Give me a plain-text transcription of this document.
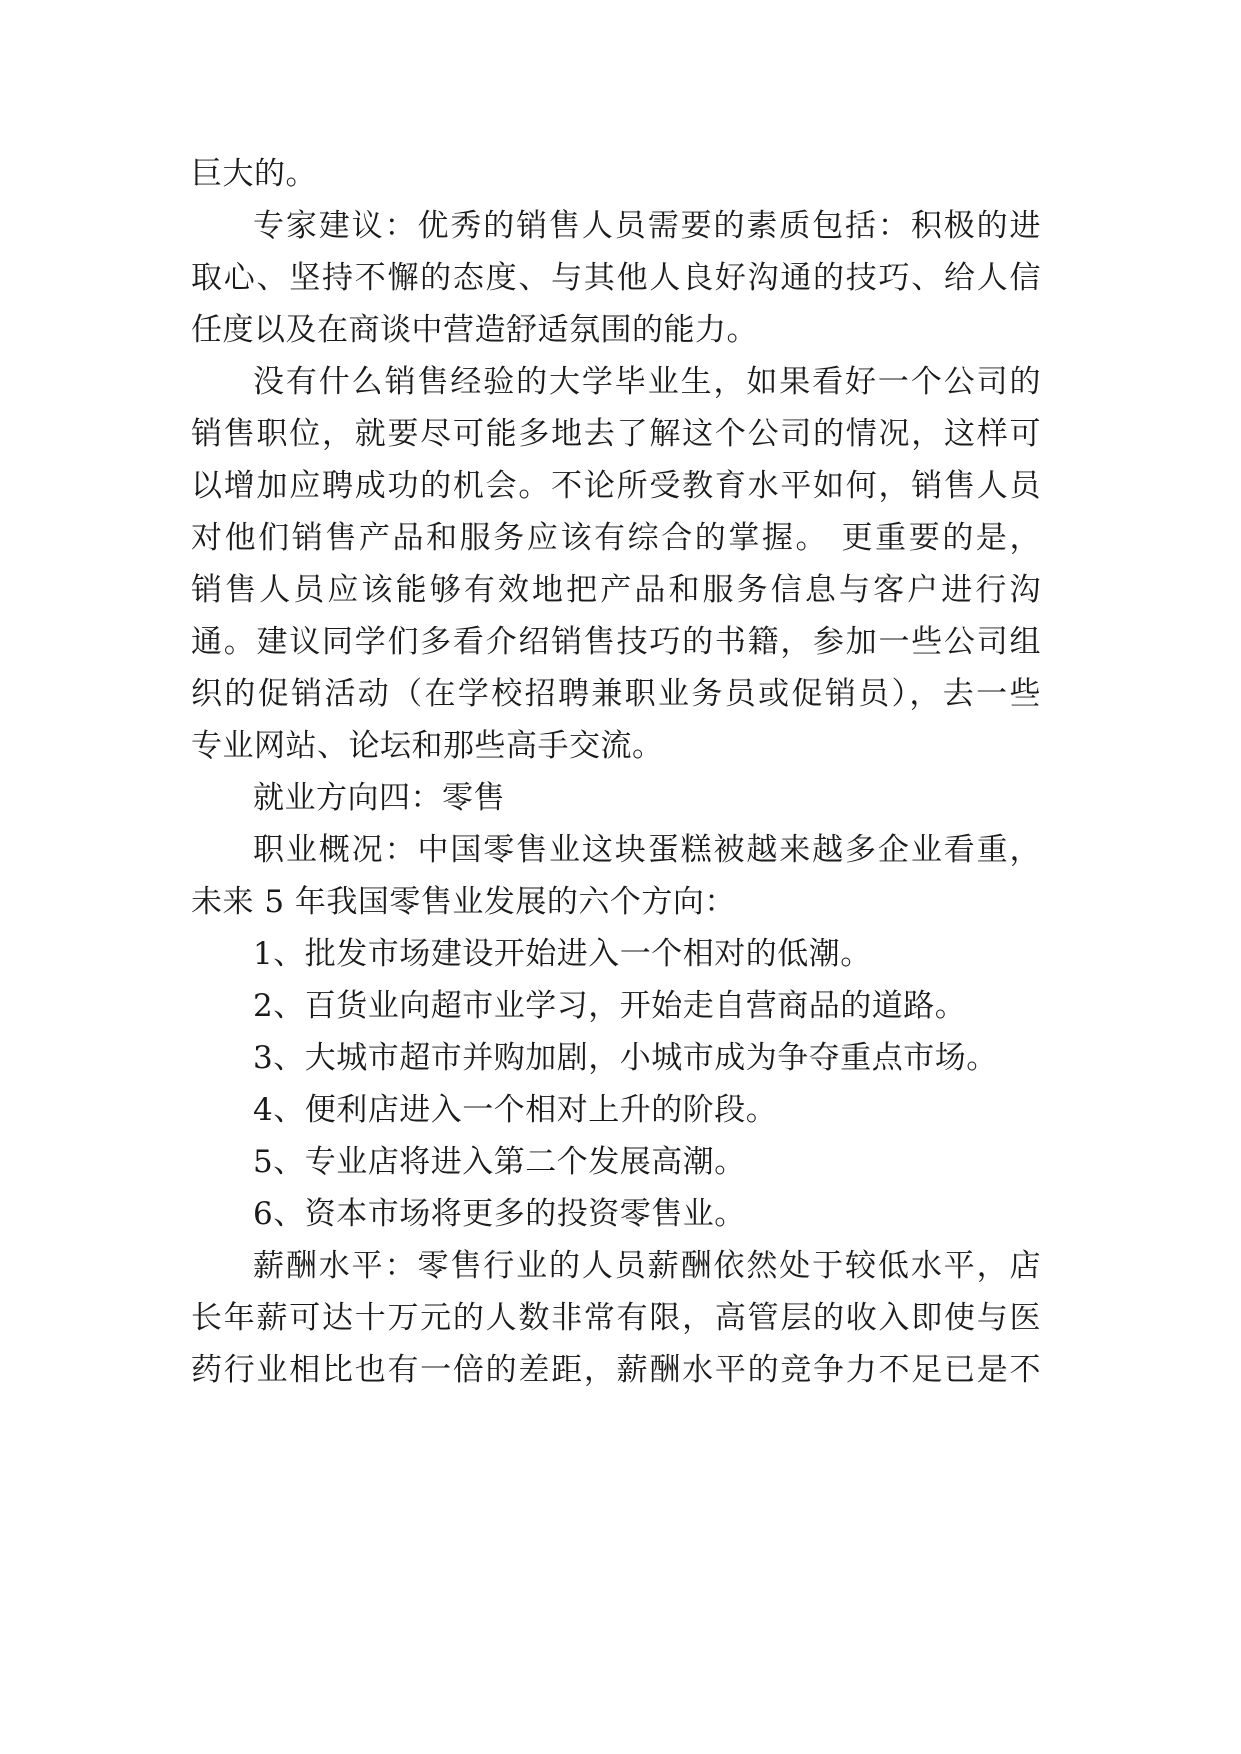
巨大的。
专家建议：优秀的销售人员需要的素质包括：积极的进
取心、坚持不懈的态度、与其他人良好沟通的技巧、给人信
任度以及在商谈中营造舒适氛围的能力。
没有什么销售经验的大学毕业生，如果看好一个公司的
销售职位，就要尽可能多地去了解这个公司的情况，这样可
以增加应聘成功的机会。不论所受教育水平如何，销售人员
对他们销售产品和服务应该有综合的掌握。 更重要的是，
销售人员应该能够有效地把产品和服务信息与客户进行沟
通。建议同学们多看介绍销售技巧的书籍，参加一些公司组
织的促销活动（在学校招聘兼职业务员或促销员），去一些
专业网站、论坛和那些高手交流。
就业方向四：零售
职业概况：中国零售业这块蛋糕被越来越多企业看重，
未来 5 年我国零售业发展的六个方向：
1、批发市场建设开始进入一个相对的低潮。
2、百货业向超市业学习，开始走自营商品的道路。
3、大城市超市并购加剧，小城市成为争夺重点市场。
4、便利店进入一个相对上升的阶段。
5、专业店将进入第二个发展高潮。
6、资本市场将更多的投资零售业。
薪酬水平：零售行业的人员薪酬依然处于较低水平，店
长年薪可达十万元的人数非常有限，高管层的收入即使与医
药行业相比也有一倍的差距，薪酬水平的竞争力不足已是不
